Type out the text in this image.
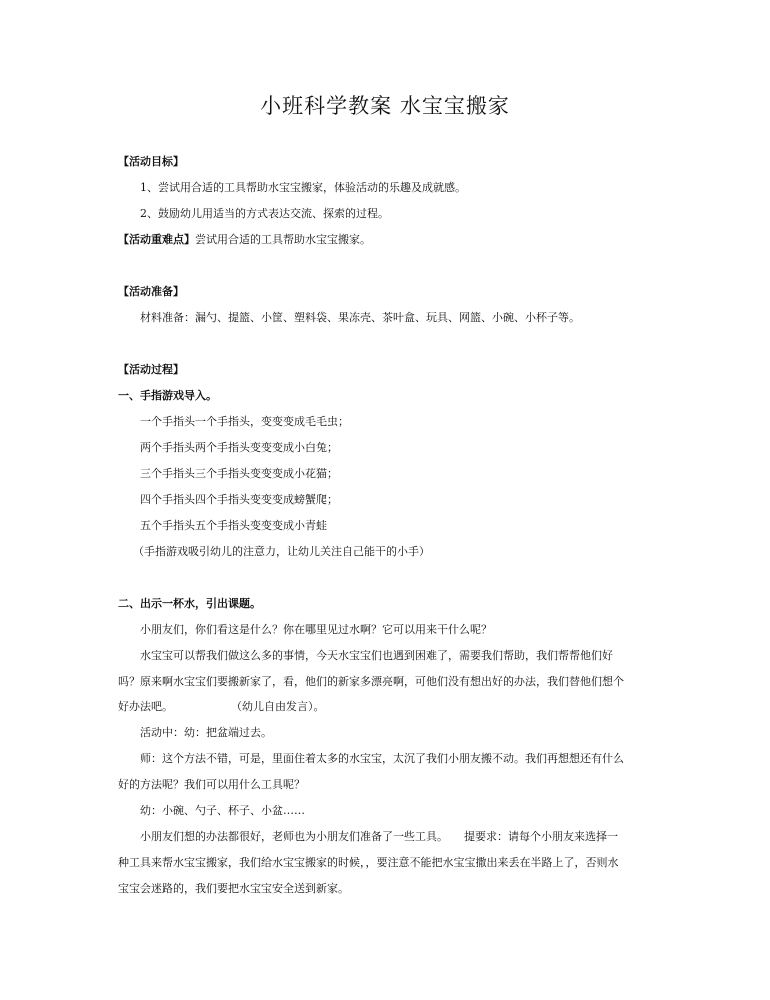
小班科学教案 水宝宝搬家
【活动目标】
1、尝试用合适的工具帮助水宝宝搬家，体验活动的乐趣及成就感。
2、鼓励幼儿用适当的方式表达交流、探索的过程。
【活动重难点】尝试用合适的工具帮助水宝宝搬家。
【活动准备】
材料准备：漏勺、提篮、小筐、塑料袋、果冻壳、茶叶盒、玩具、网篮、小碗、小杯子等。
【活动过程】
一、手指游戏导入。
一个手指头一个手指头，变变变成毛毛虫；
两个手指头两个手指头变变变成小白兔；
三个手指头三个手指头变变变成小花猫；
四个手指头四个手指头变变变成螃蟹爬；
五个手指头五个手指头变变变成小青蛙
（手指游戏吸引幼儿的注意力，让幼儿关注自己能干的小手）
二、出示一杯水，引出课题。
小朋友们，你们看这是什么？你在哪里见过水啊？它可以用来干什么呢？
水宝宝可以帮我们做这么多的事情，今天水宝宝们也遇到困难了，需要我们帮助，我们帮帮他们好
吗？原来啊水宝宝们要搬新家了，看，他们的新家多漂亮啊，可他们没有想出好的办法，我们替他们想个
好办法吧。	（幼儿自由发言）。
活动中：幼：把盆端过去。
师：这个方法不错，可是，里面住着太多的水宝宝，太沉了我们小朋友搬不动。我们再想想还有什么
好的方法呢？我们可以用什么工具呢？
幼：小碗、勺子、杯子、小盆……
小朋友们想的办法都很好，老师也为小朋友们准备了一些工具。 提要求：请每个小朋友来选择一
种工具来帮水宝宝搬家，我们给水宝宝搬家的时候，，要注意不能把水宝宝撒出来丢在半路上了，否则水
宝宝会迷路的，我们要把水宝宝安全送到新家。
